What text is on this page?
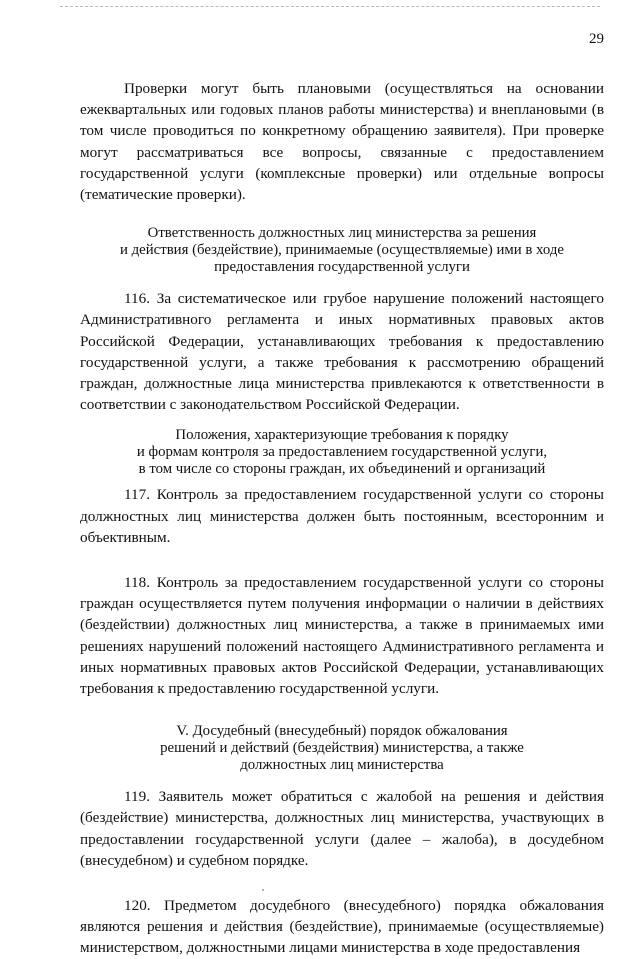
29

Проверки могут быть плановыми (осуществляться на основании ежеквартальных или годовых планов работы министерства) и внеплановыми (в том числе проводиться по конкретному обращению заявителя). При проверке могут рассматриваться все вопросы, связанные с предоставлением государственной услуги (комплексные проверки) или отдельные вопросы (тематические проверки).

Ответственность должностных лиц министерства за решения
и действия (бездействие), принимаемые (осуществляемые) ими в ходе
предоставления государственной услуги

116. За систематическое или грубое нарушение положений настоящего Административного регламента и иных нормативных правовых актов Российской Федерации, устанавливающих требования к предоставлению государственной услуги, а также требования к рассмотрению обращений граждан, должностные лица министерства привлекаются к ответственности в соответствии с законодательством Российской Федерации.

Положения, характеризующие требования к порядку
и формам контроля за предоставлением государственной услуги,
в том числе со стороны граждан, их объединений и организаций

117. Контроль за предоставлением государственной услуги со стороны должностных лиц министерства должен быть постоянным, всесторонним и объективным.

118. Контроль за предоставлением государственной услуги со стороны граждан осуществляется путем получения информации о наличии в действиях (бездействии) должностных лиц министерства, а также в принимаемых ими решениях нарушений положений настоящего Административного регламента и иных нормативных правовых актов Российской Федерации, устанавливающих требования к предоставлению государственной услуги.

V. Досудебный (внесудебный) порядок обжалования
решений и действий (бездействия) министерства, а также
должностных лиц министерства

119. Заявитель может обратиться с жалобой на решения и действия (бездействие) министерства, должностных лиц министерства, участвующих в предоставлении государственной услуги (далее – жалоба), в досудебном (внесудебном) и судебном порядке.

120. Предметом досудебного (внесудебного) порядка обжалования являются решения и действия (бездействие), принимаемые (осуществляемые) министерством, должностными лицами министерства в ходе предоставления
